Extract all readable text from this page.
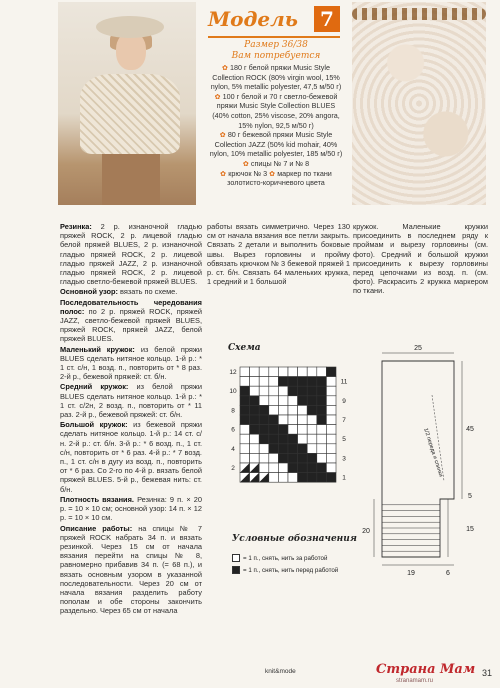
Модель	7
Размер 36/38
Вам потребуется
✿ 180 г белой пряжи Music Style Collection ROCK (80% virgin wool, 15% nylon, 5% metallic polyester, 47,5 м/50 г)
✿ 100 г белой и 70 г светло-бежевой пряжи Music Style Collection BLUES (40% cotton, 25% viscose, 20% angora, 15% nylon, 92,5 м/50 г)
✿ 80 г бежевой пряжи Music Style Collection JAZZ (50% kid mohair, 40% nylon, 10% metallic polyester, 185 м/50 г)
✿ спицы № 7 и № 8
✿ крючок № 3 ✿ маркер по ткани золотисто-коричневого цвета

Резинка: 2 р. изнаночной гладью пряжей ROCK, 2 р. лицевой гладью белой пряжей BLUES, 2 р. изнаночной гладью пряжей ROCK, 2 р. лицевой гладью пряжей JAZZ, 2 р. изнаночной гладью пряжей ROCK, 2 р. лицевой гладью светло-бежевой пряжей BLUES.

Основной узор: вязать по схеме.

Последовательность чередования полос: по 2 р. пряжей ROCK, пряжей JAZZ, светло-бежевой пряжей BLUES, пряжей ROCK, пряжей JAZZ, белой пряжей BLUES.

Маленький кружок: из белой пряжи BLUES сделать нитяное кольцо. 1-й р.: * 1 ст. с/н, 1 возд. п., повторить от * 8 раз. 2-й р., бежевой пряжей: ст. б/н.

Средний кружок: из белой пряжи BLUES сделать нитяное кольцо. 1-й р.: * 1 ст. с/2н, 2 возд. п., повторить от * 11 раз. 2-й р., бежевой пряжей: ст. б/н.

Большой кружок: из бежевой пряжи сделать нитяное кольцо. 1-й р.: 14 ст. с/н. 2-й р.: ст. б/н. 3-й р.: * 6 возд. п., 1 ст. с/н, повторить от * 6 раз. 4-й р.: * 7 возд. п., 1 ст. с/н в дугу из возд. п., повторить от * 6 раз. Со 2-го по 4-й р. вязать белой пряжей BLUES. 5-й р., бежевая нить: ст. б/н.

Плотность вязания. Резинка: 9 п. × 20 р. = 10 × 10 см; основной узор: 14 п. × 12 р. = 10 × 10 см.

Описание работы: на спицы № 7 пряжей ROCK набрать 34 п. и вязать резинкой. Через 15 см от начала вязания перейти на спицы № 8, равномерно прибавив 34 п. (= 68 п.), и вязать основным узором в указанной последовательности. Через 20 см от начала вязания разделить работу пополам и обе стороны закончить раздельно. Через 65 см от начала

работы вязать симметрично. Через 130 см от начала вязания все петли закрыть. Связать 2 детали и выполнить боковые швы. Вырез горловины и пройму обвязать крючком № 3 бежевой пряжей 1 р. ст. б/н. Связать 64 маленьких кружка, 1 средний и 1 большой

кружок. Маленькие кружки присоединить в последнем ряду к проймам и вырезу горловины (см. фото). Средний и большой кружки присоединить к вырезу горловины перед цепочками из возд. п. (см. фото). Раскрасить 2 кружка маркером по ткани.

Схема
12
11
10
9
8
7
6
5
4
3
2
1
1/2 переда и спинки
25
45
5
15
20
19	6
Условные обозначения
= 1 п., снять, нить за работой
= 1 п., снять, нить перед работой
knit&mode	Страна Мам
stranamam.ru
31
